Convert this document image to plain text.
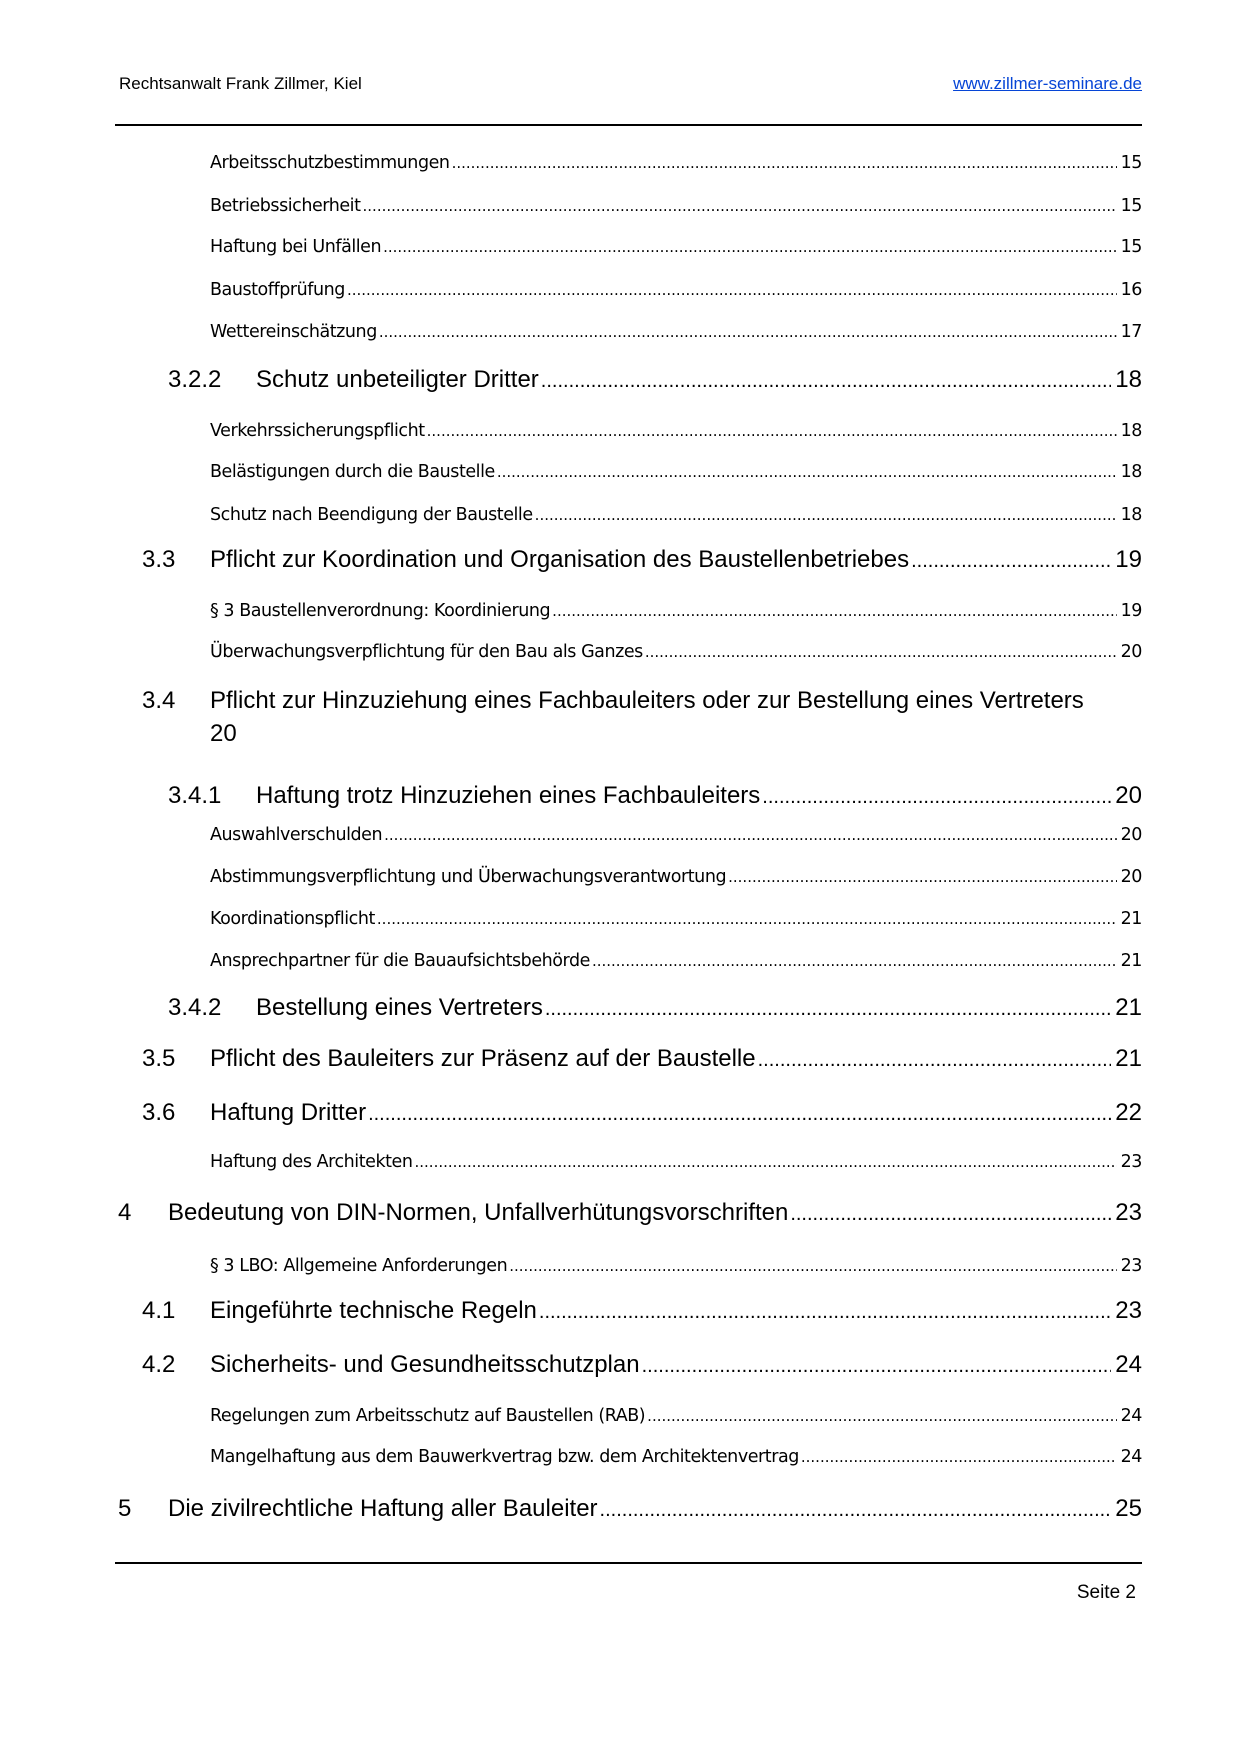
Rechtsanwalt Frank Zillmer, Kiel	www.zillmer-seminare.de
Arbeitsschutzbestimmungen .....	15
Betriebssicherheit .....	15
Haftung bei Unfällen .....	15
Baustoffprüfung .....	16
Wettereinschätzung .....	17
3.2.2 Schutz unbeteiligter Dritter .....	18
Verkehrssicherungspflicht .....	18
Belästigungen durch die Baustelle .....	18
Schutz nach Beendigung der Baustelle .....	18
3.3 Pflicht zur Koordination und Organisation des Baustellenbetriebes .....	19
§ 3 Baustellenverordnung: Koordinierung .....	19
Überwachungsverpflichtung für den Bau als Ganzes .....	20
3.4 Pflicht zur Hinzuziehung eines Fachbauleiters oder zur Bestellung eines Vertreters
20
3.4.1 Haftung trotz Hinzuziehen eines Fachbauleiters .....	20
Auswahlverschulden .....	20
Abstimmungsverpflichtung und Überwachungsverantwortung .....	20
Koordinationspflicht .....	21
Ansprechpartner für die Bauaufsichtsbehörde .....	21
3.4.2 Bestellung eines Vertreters .....	21
3.5 Pflicht des Bauleiters zur Präsenz auf der Baustelle .....	21
3.6 Haftung Dritter .....	22
Haftung des Architekten .....	23
4 Bedeutung von DIN-Normen, Unfallverhütungsvorschriften .....	23
§ 3 LBO: Allgemeine Anforderungen .....	23
4.1 Eingeführte technische Regeln .....	23
4.2 Sicherheits- und Gesundheitsschutzplan .....	24
Regelungen zum Arbeitsschutz auf Baustellen (RAB) .....	24
Mangelhaftung aus dem Bauwerkvertrag bzw. dem Architektenvertrag .....	24
5 Die zivilrechtliche Haftung aller Bauleiter .....	25
Seite 2
